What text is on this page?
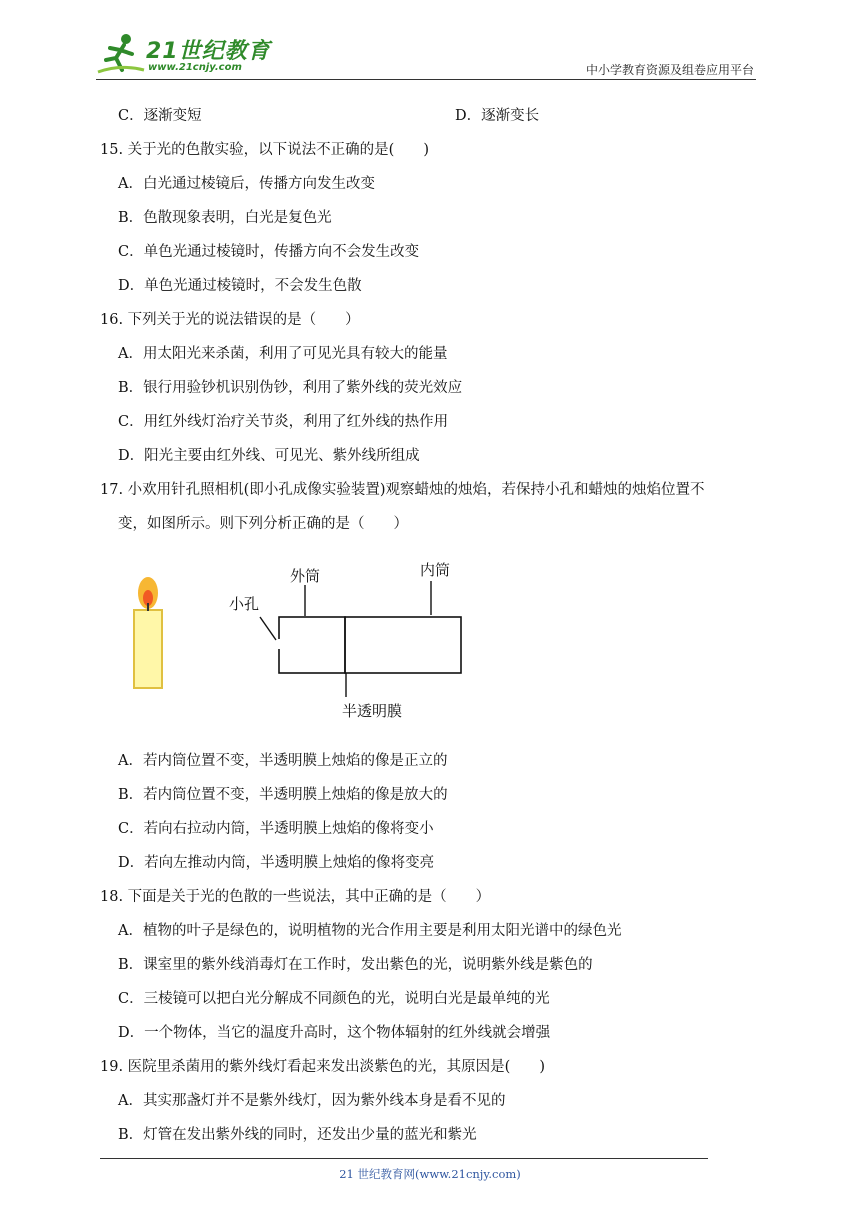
21世纪教育
www.21cnjy.com	中小学教育资源及组卷应用平台
C．逐渐变短	D．逐渐变长
15. 关于光的色散实验，以下说法不正确的是(　　)
A．白光通过棱镜后，传播方向发生改变
B．色散现象表明，白光是复色光
C．单色光通过棱镜时，传播方向不会发生改变
D．单色光通过棱镜时，不会发生色散
16. 下列关于光的说法错误的是（　　）
A．用太阳光来杀菌，利用了可见光具有较大的能量
B．银行用验钞机识别伪钞，利用了紫外线的荧光效应
C．用红外线灯治疗关节炎，利用了红外线的热作用
D．阳光主要由红外线、可见光、紫外线所组成
17. 小欢用针孔照相机(即小孔成像实验装置)观察蜡烛的烛焰，若保持小孔和蜡烛的烛焰位置不
变，如图所示。则下列分析正确的是（　　）
A．若内筒位置不变，半透明膜上烛焰的像是正立的
B．若内筒位置不变，半透明膜上烛焰的像是放大的
C．若向右拉动内筒，半透明膜上烛焰的像将变小
D．若向左推动内筒，半透明膜上烛焰的像将变亮
18. 下面是关于光的色散的一些说法，其中正确的是（　　）
A．植物的叶子是绿色的，说明植物的光合作用主要是利用太阳光谱中的绿色光
B．课室里的紫外线消毒灯在工作时，发出紫色的光，说明紫外线是紫色的
C．三棱镜可以把白光分解成不同颜色的光，说明白光是最单纯的光
D．一个物体，当它的温度升高时，这个物体辐射的红外线就会增强
19. 医院里杀菌用的紫外线灯看起来发出淡紫色的光，其原因是(　　)
A．其实那盏灯并不是紫外线灯，因为紫外线本身是看不见的
B．灯管在发出紫外线的同时，还发出少量的蓝光和紫光
外筒	内筒
小孔
半透明膜
21 世纪教育网(www.21cnjy.com)
